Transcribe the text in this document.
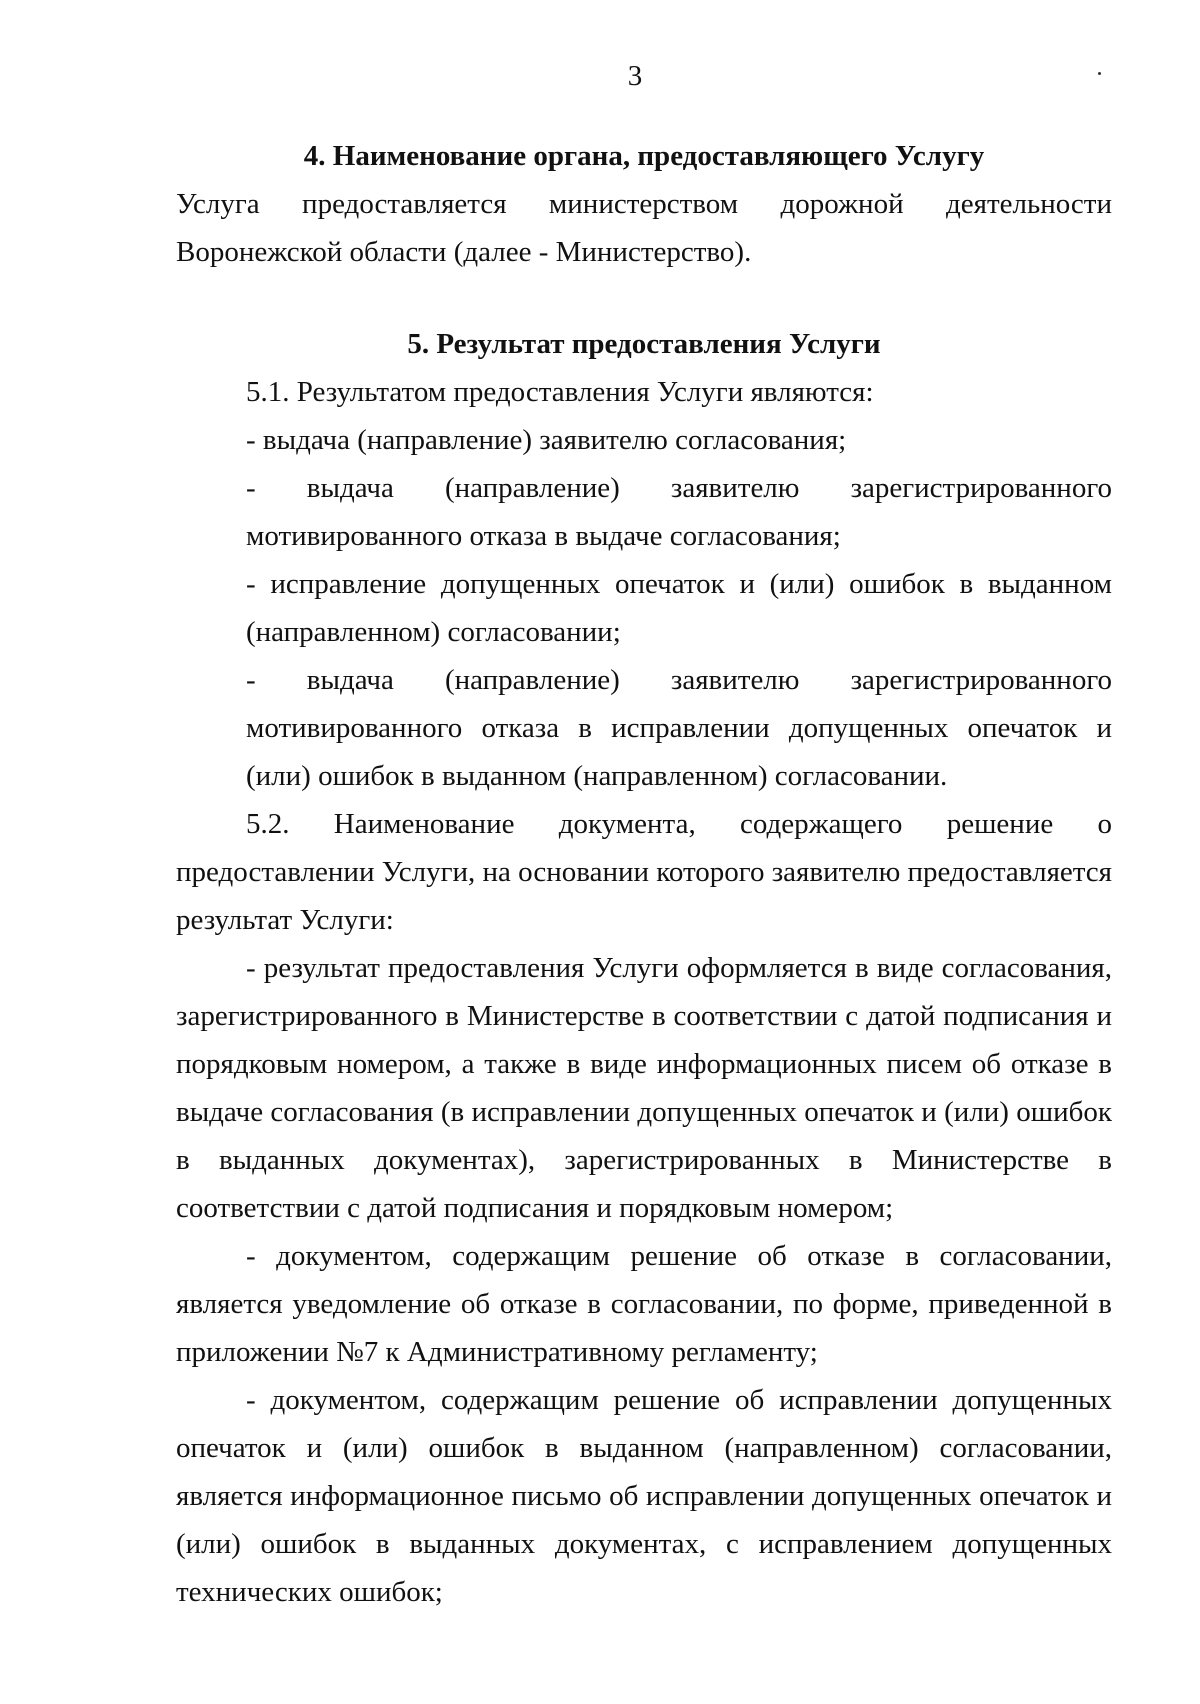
3
4. Наименование органа, предоставляющего Услугу

Услуга предоставляется министерством дорожной деятельности Воронежской области (далее - Министерство).

5. Результат предоставления Услуги

5.1. Результатом предоставления Услуги являются:

- выдача (направление) заявителю согласования;

- выдача (направление) заявителю зарегистрированного мотивированного отказа в выдаче согласования;

- исправление допущенных опечаток и (или) ошибок в выданном (направленном) согласовании;

- выдача (направление) заявителю зарегистрированного мотивированного отказа в исправлении допущенных опечаток и (или) ошибок в выданном (направленном) согласовании.

5.2. Наименование документа, содержащего решение о предоставлении Услуги, на основании которого заявителю предоставляется результат Услуги:

- результат предоставления Услуги оформляется в виде согласования, зарегистрированного в Министерстве в соответствии с датой подписания и порядковым номером, а также в виде информационных писем об отказе в выдаче согласования (в исправлении допущенных опечаток и (или) ошибок в выданных документах), зарегистрированных в Министерстве в соответствии с датой подписания и порядковым номером;

- документом, содержащим решение об отказе в согласовании, является уведомление об отказе в согласовании, по форме, приведенной в приложении №7 к Административному регламенту;

- документом, содержащим решение об исправлении допущенных опечаток и (или) ошибок в выданном (направленном) согласовании, является информационное письмо об исправлении допущенных опечаток и (или) ошибок в выданных документах, с исправлением допущенных технических ошибок;
